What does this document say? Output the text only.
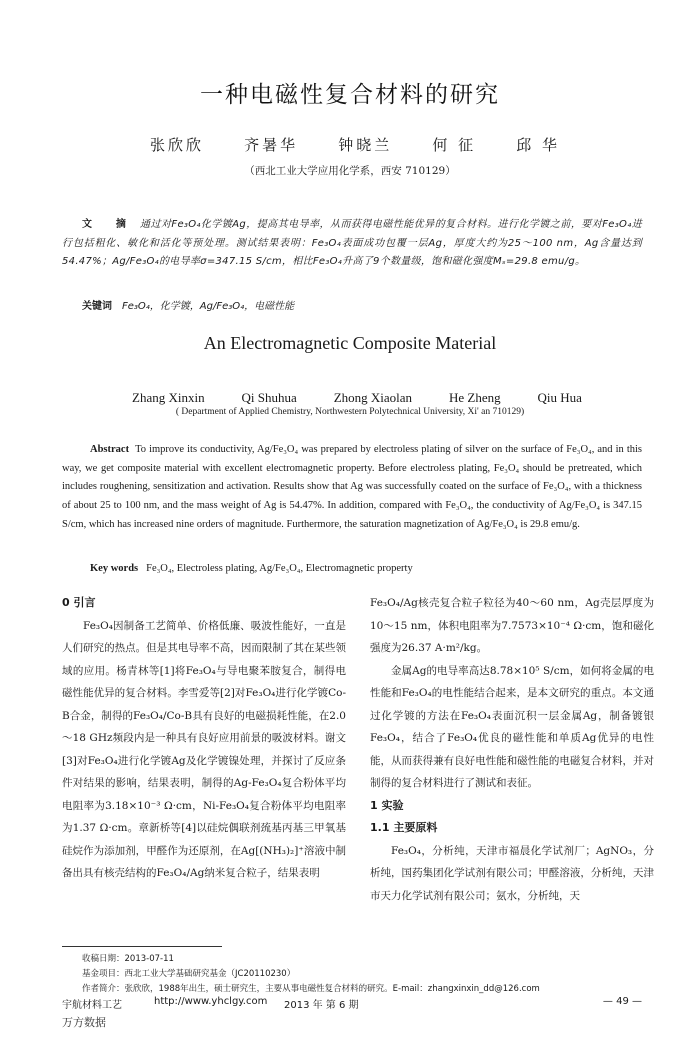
一种电磁性复合材料的研究
张欣欣	齐暑华	钟晓兰	何 征	邱 华
（西北工业大学应用化学系，西安 710129）
文 摘 通过对Fe₃O₄化学镀Ag，提高其电导率，从而获得电磁性能优异的复合材料。进行化学镀之前，要对Fe₃O₄进行包括粗化、敏化和活化等预处理。测试结果表明：Fe₃O₄表面成功包覆一层Ag，厚度大约为25～100 nm，Ag含量达到54.47%；Ag/Fe₃O₄的电导率σ=347.15 S/cm，相比Fe₃O₄升高了9个数量级，饱和磁化强度Mₛ=29.8 emu/g。
关键词 Fe₃O₄，化学镀，Ag/Fe₃O₄，电磁性能
An Electromagnetic Composite Material
Zhang Xinxin	Qi Shuhua	Zhong Xiaolan	He Zheng	Qiu Hua
( Department of Applied Chemistry, Northwestern Polytechnical University, Xi' an 710129)
Abstract To improve its conductivity, Ag/Fe₃O₄ was prepared by electroless plating of silver on the surface of Fe₃O₄, and in this way, we get composite material with excellent electromagnetic property. Before electroless plating, Fe₃O₄ should be pretreated, which includes roughening, sensitization and activation. Results show that Ag was successfully coated on the surface of Fe₃O₄, with a thickness of about 25 to 100 nm, and the mass weight of Ag is 54.47%. In addition, compared with Fe₃O₄, the conductivity of Ag/Fe₃O₄ is 347.15 S/cm, which has increased nine orders of magnitude. Furthermore, the saturation magnetization of Ag/Fe₃O₄ is 29.8 emu/g.
Key words Fe₃O₄, Electroless plating, Ag/Fe₃O₄, Electromagnetic property

0 引言

Fe₃O₄因制备工艺简单、价格低廉、吸波性能好，一直是人们研究的热点。但是其电导率不高，因而限制了其在某些领域的应用。杨青林等[1]将Fe₃O₄与导电聚苯胺复合，制得电磁性能优异的复合材料。李雪爱等[2]对Fe₃O₄进行化学镀Co-B合金，制得的Fe₃O₄/Co-B具有良好的电磁损耗性能，在2.0～18 GHz频段内是一种具有良好应用前景的吸波材料。谢文[3]对Fe₃O₄进行化学镀Ag及化学镀镍处理，并探讨了反应条件对结果的影响，结果表明，制得的Ag-Fe₃O₄复合粉体平均电阻率为3.18×10⁻³ Ω·cm，Ni-Fe₃O₄复合粉体平均电阻率为1.37 Ω·cm。章新桥等[4]以硅烷偶联剂巯基丙基三甲氧基硅烷作为添加剂，甲醛作为还原剂，在Ag[(NH₃)₂]⁺溶液中制备出具有核壳结构的Fe₃O₄/Ag纳米复合粒子，结果表明

Fe₃O₄/Ag核壳复合粒子粒径为40～60 nm，Ag壳层厚度为10～15 nm，体积电阻率为7.7573×10⁻⁴ Ω·cm，饱和磁化强度为26.37 A·m²/kg。

金属Ag的电导率高达8.78×10⁵ S/cm，如何将金属的电性能和Fe₃O₄的电性能结合起来，是本文研究的重点。本文通过化学镀的方法在Fe₃O₄表面沉积一层金属Ag，制备镀银Fe₃O₄，结合了Fe₃O₄优良的磁性能和单质Ag优异的电性能，从而获得兼有良好电性能和磁性能的电磁复合材料，并对制得的复合材料进行了测试和表征。

1 实验

1.1 主要原料

Fe₃O₄，分析纯，天津市福晨化学试剂厂；AgNO₃，分析纯，国药集团化学试剂有限公司；甲醛溶液，分析纯，天津市天力化学试剂有限公司；氨水，分析纯，天

收稿日期：2013-07-11
基金项目：西北工业大学基础研究基金（JC20110230）
作者简介：张欣欣，1988年出生，硕士研究生，主要从事电磁性复合材料的研究。E-mail：zhangxinxin_dd@126.com
宇航材料工艺	http://www.yhclgy.com 2013 年 第 6 期	— 49 —
万方数据
